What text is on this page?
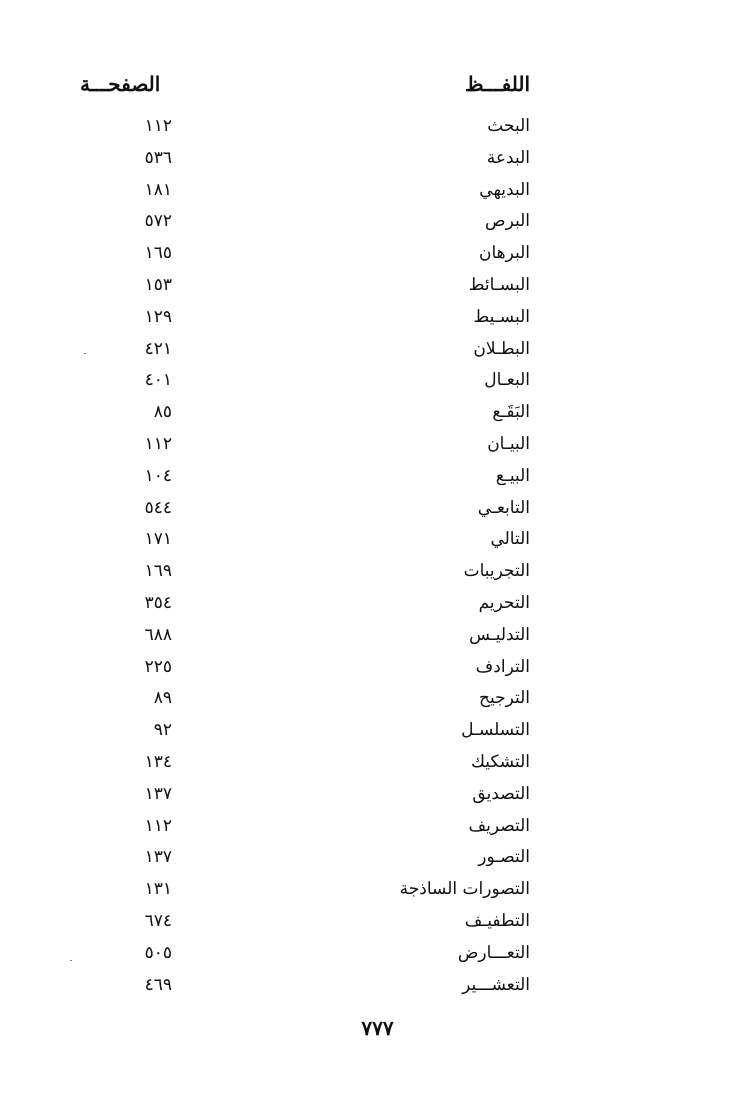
اللفـــظ
الصفحـــة
البحث
١١٢
البدعة
٥٣٦
البديهي
١٨١
البرص
٥٧٢
البرهان
١٦٥
البسـائط
١٥٣
البسـيط
١٢٩
البطـلان
٤٢١
البعـال
٤٠١
البَقَـع
٨٥
البيـان
١١٢
البيـع
١٠٤
التابعـي
٥٤٤
التالي
١٧١
التجريبات
١٦٩
التحريم
٣٥٤
التدليـس
٦٨٨
الترادف
٢٢٥
الترجيح
٨٩
التسلسـل
٩٢
التشكيك
١٣٤
التصديق
١٣٧
التصريف
١١٢
التصـور
١٣٧
التصورات الساذجة
١٣١
التطفيـف
٦٧٤
التعـــارض
٥٠٥
التعشـــير
٤٦٩
٧٧٧
